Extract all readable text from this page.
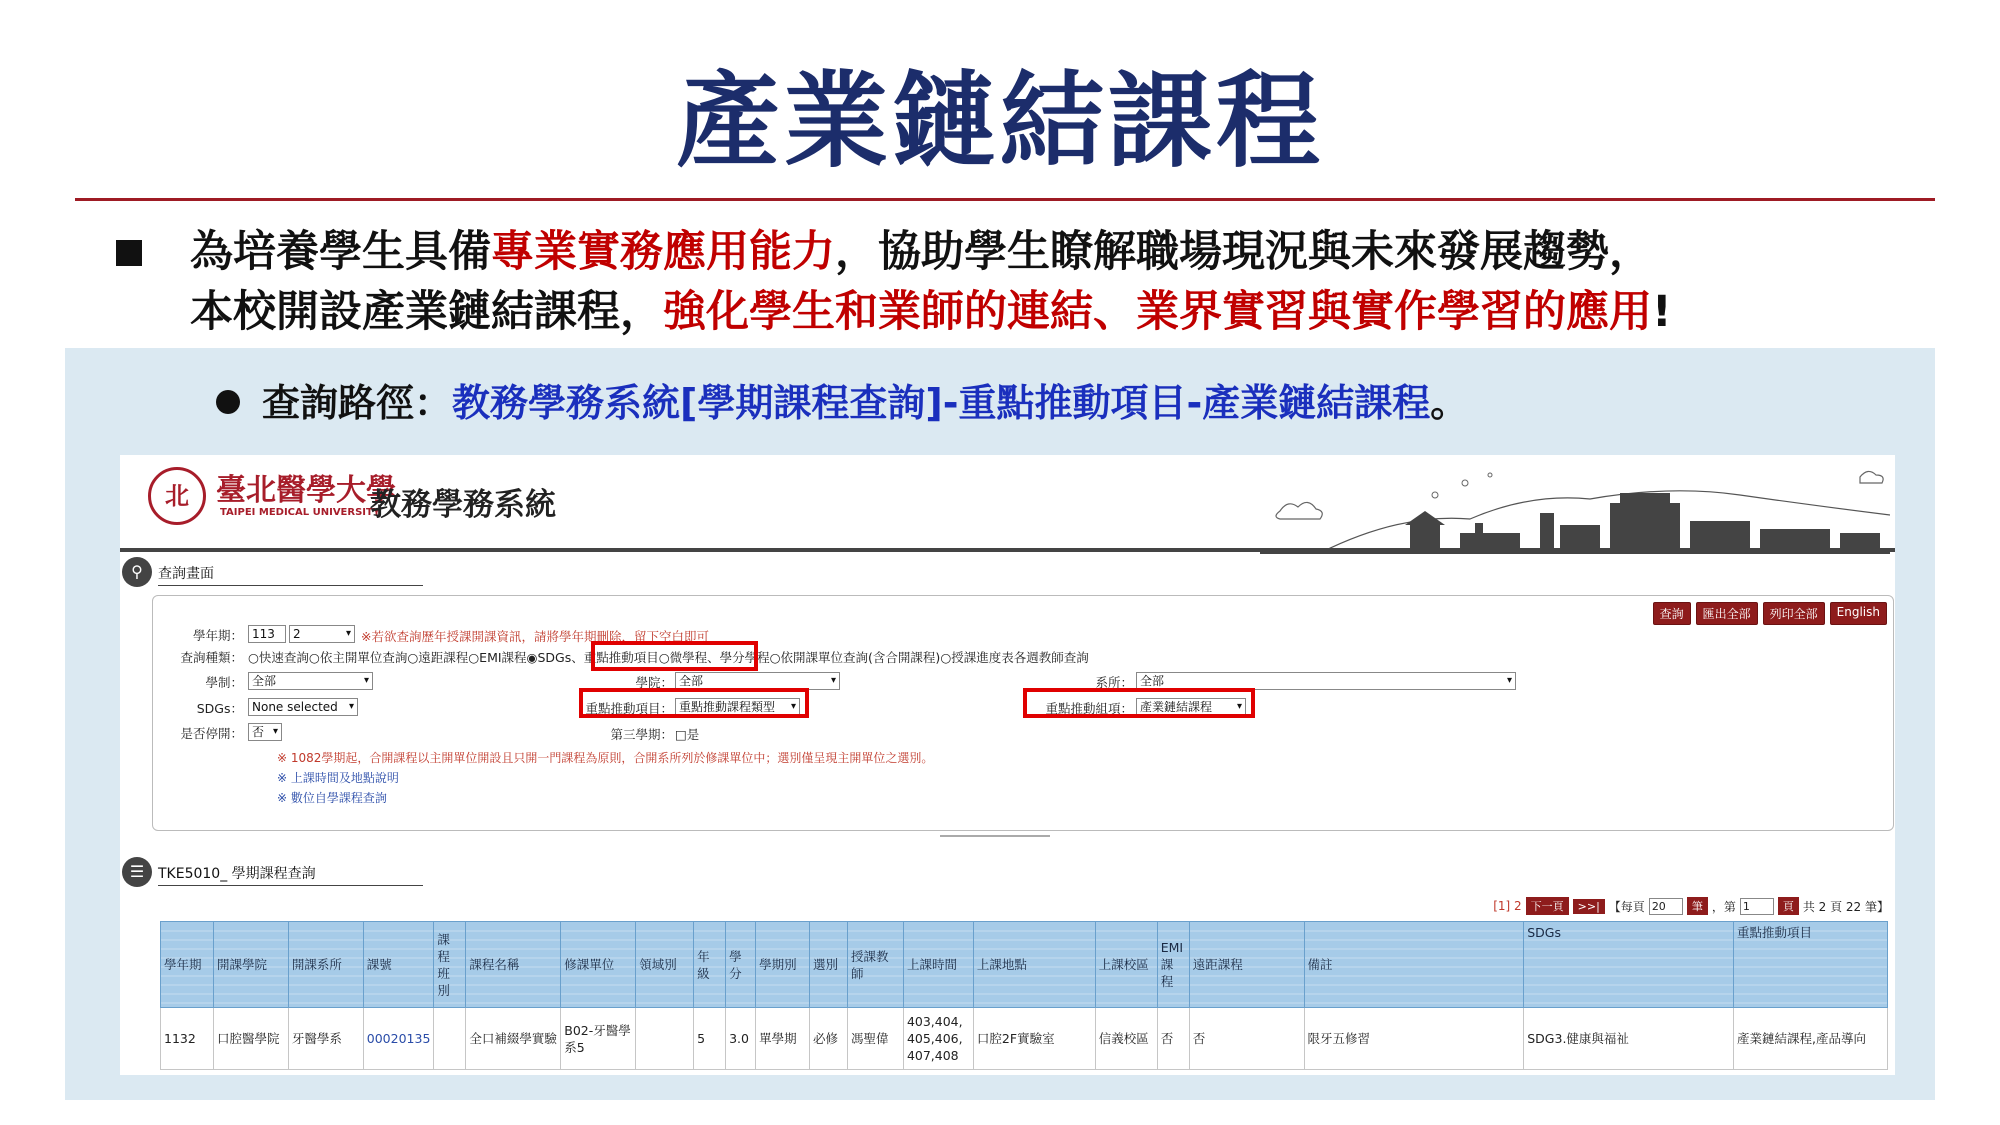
產業鏈結課程
為培養學生具備專業實務應用能力，協助學生瞭解職場現況與未來發展趨勢，
本校開設產業鏈結課程，強化學生和業師的連結、業界實習與實作學習的應用!
查詢路徑：教務學務系統[學期課程查詢]-重點推動項目-產業鏈結課程。
北 臺北醫學大學
TAIPEI MEDICAL UNIVERSITY
教務學務系統
⚲	查詢畫面
查詢	匯出全部	列印全部	English
學年期： 113	2	▾ ※若欲查詢歷年授課開課資訊，請將學年期刪除，留下空白即可
查詢種類： ○快速查詢○依主開單位查詢○遠距課程○EMI課程◉SDGs、重點推動項目○微學程、學分學程○依開課單位查詢(含合開課程)○授課進度表各週教師查詢
學制： 全部	▾	學院： 全部	▾	系所： 全部	▾
SDGs： None selected ▾	重點推動項目： 重點推動課程類型 ▾	重點推動組項： 產業鏈結課程 ▾
是否停開： 否 ▾	第三學期： □是
※ 1082學期起，合開課程以主開單位開設且只開一門課程為原則，合開系所列於修課單位中；選別僅呈現主開單位之選別。
※ 上課時間及地點說明
※ 數位自學課程查詢
☰ TKE5010_ 學期課程查詢
[1] 2 下一頁	>>| 【每頁 20	筆 ，第 1	頁 共 2 頁 22 筆】
學年期	開課學院	開課系所	課號	課程班別	課程名稱	修課單位	領域別	年級	學分	學期別	選別	授課教師	上課時間	上課地點	上課校區	EMI課程	遠距課程	備註	SDGs	重點推動項目
1132	口腔醫學院	牙醫學系	00020135		全口補綴學實驗	B02-牙醫學系5		5	3.0	單學期	必修	馮聖偉	403,404, 405,406, 407,408	口腔2F實驗室	信義校區	否	否	限牙五修習	SDG3.健康與福祉	產業鏈結課程,產品導向
